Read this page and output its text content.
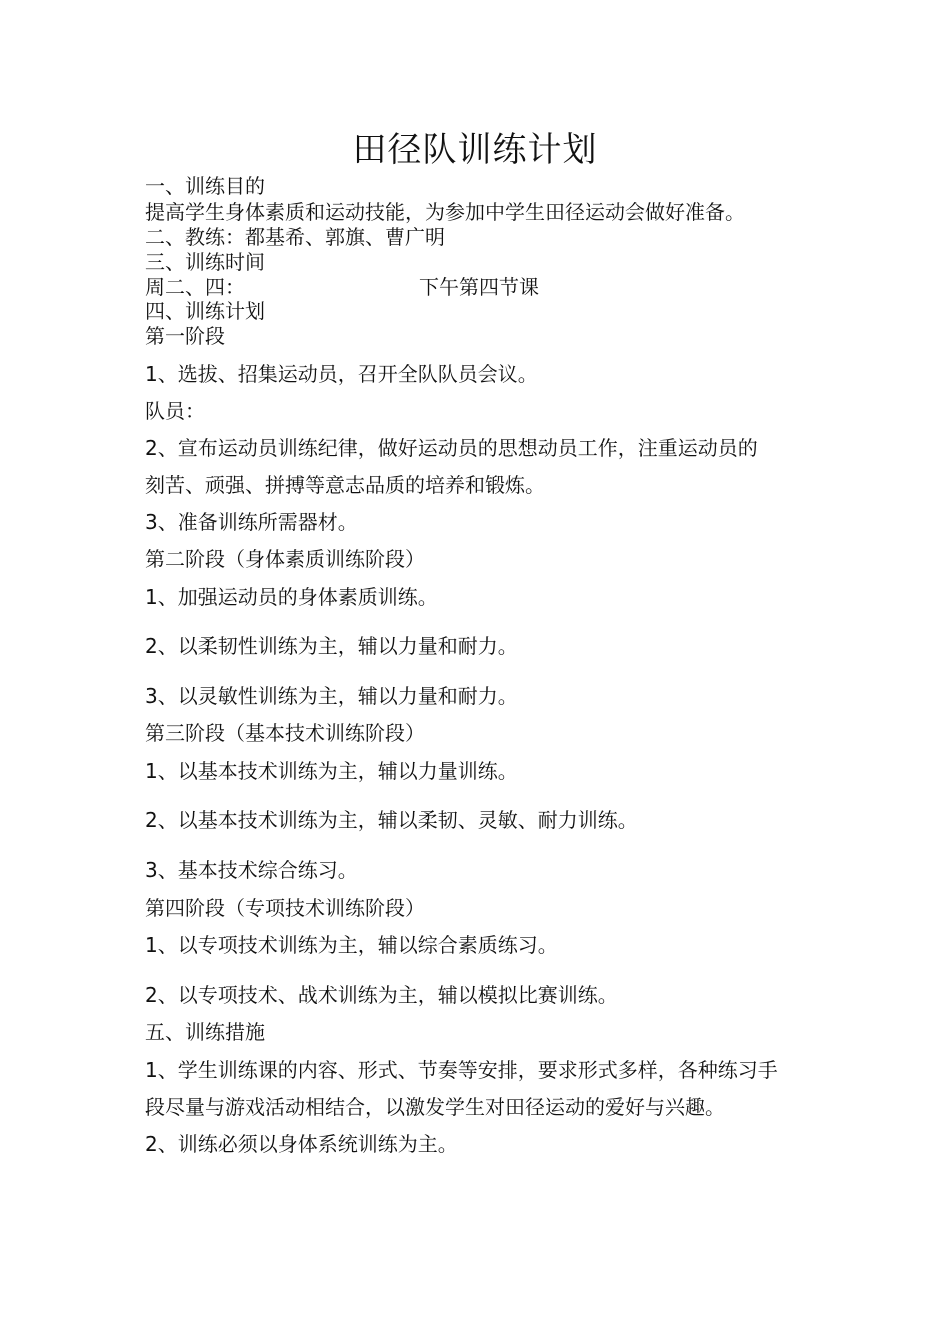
田径队训练计划
一、训练目的
提高学生身体素质和运动技能，为参加中学生田径运动会做好准备。
二、教练：都基希、郭旗、曹广明
三、训练时间
周二、四：	下午第四节课
四、训练计划
第一阶段
1、选拔、招集运动员，召开全队队员会议。
队员：
2、宣布运动员训练纪律，做好运动员的思想动员工作，注重运动员的
刻苦、顽强、拼搏等意志品质的培养和锻炼。
3、准备训练所需器材。
第二阶段（身体素质训练阶段）
1、加强运动员的身体素质训练。
2、以柔韧性训练为主，辅以力量和耐力。
3、以灵敏性训练为主，辅以力量和耐力。
第三阶段（基本技术训练阶段）
1、以基本技术训练为主，辅以力量训练。
2、以基本技术训练为主，辅以柔韧、灵敏、耐力训练。
3、基本技术综合练习。
第四阶段（专项技术训练阶段）
1、以专项技术训练为主，辅以综合素质练习。
2、以专项技术、战术训练为主，辅以模拟比赛训练。
五、训练措施
1、学生训练课的内容、形式、节奏等安排，要求形式多样，各种练习手
段尽量与游戏活动相结合，以激发学生对田径运动的爱好与兴趣。
2、训练必须以身体系统训练为主。
